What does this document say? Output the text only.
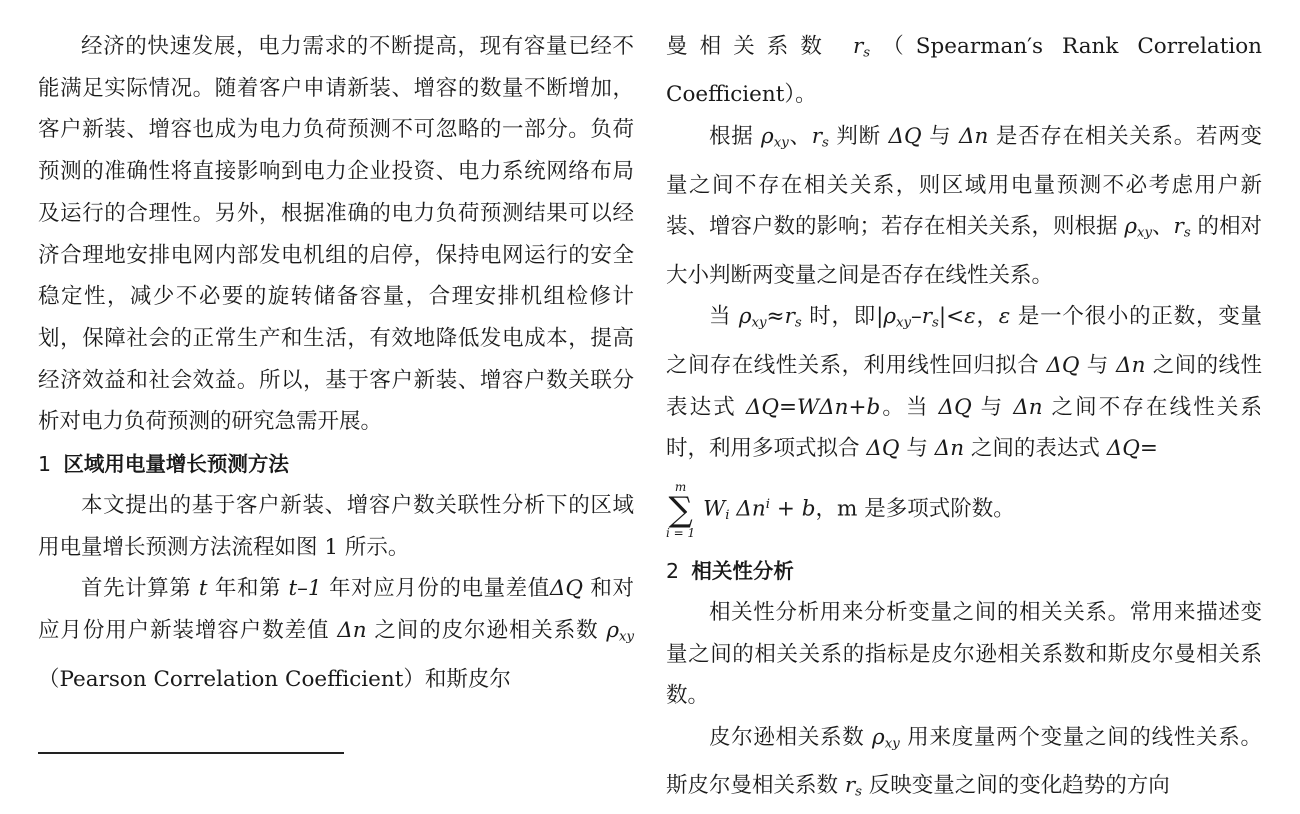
经济的快速发展，电力需求的不断提高，现有容量已经不能满足实际情况。随着客户申请新装、增容的数量不断增加，客户新装、增容也成为电力负荷预测不可忽略的一部分。负荷预测的准确性将直接影响到电力企业投资、电力系统网络布局及运行的合理性。另外，根据准确的电力负荷预测结果可以经济合理地安排电网内部发电机组的启停，保持电网运行的安全稳定性，减少不必要的旋转储备容量，合理安排机组检修计划，保障社会的正常生产和生活，有效地降低发电成本，提高经济效益和社会效益。所以，基于客户新装、增容户数关联分析对电力负荷预测的研究急需开展。

1 区域用电量增长预测方法

本文提出的基于客户新装、增容户数关联性分析下的区域用电量增长预测方法流程如图 1 所示。

首先计算第 t 年和第 t–1 年对应月份的电量差值ΔQ 和对应月份用户新装增容户数差值 Δn 之间的皮尔逊相关系数 $\rho_{xy}(Pearson$ Correlation Coefficient）和斯皮尔

曼相关系数 $r_s(Spearman's$ Rank Correlation Coefficient）。

根据 $\rho_{xy}$、$r_s$ 判断 ΔQ 与 Δn 是否存在相关关系。若两变量之间不存在相关关系，则区域用电量预测不必考虑用户新装、增容户数的影响；若存在相关关系，则根据 $\rho_{xy}$、$r_s$ 的相对大小判断两变量之间是否存在线性关系。

当 $\rho_{xy}\approx r_s$ 时，即$|\rho_{xy}-r_s|<\varepsilon$，ε 是一个很小的正数，变量之间存在线性关系，利用线性回归拟合 ΔQ 与 Δn 之间的线性表达式 ΔQ=WΔn+b。当 ΔQ 与 Δn 之间不存在线性关系时，利用多项式拟合 ΔQ 与 Δn 之间的表达式 ΔQ=

m
∑
i = 1
$W_i$ $\Delta n^i + b$，m 是多项式阶数。

2 相关性分析

相关性分析用来分析变量之间的相关关系。常用来描述变量之间的相关关系的指标是皮尔逊相关系数和斯皮尔曼相关系数。

皮尔逊相关系数 $\rho_{xy}$ 用来度量两个变量之间的线性关系。斯皮尔曼相关系数 $r_s$ 反映变量之间的变化趋势的方向
